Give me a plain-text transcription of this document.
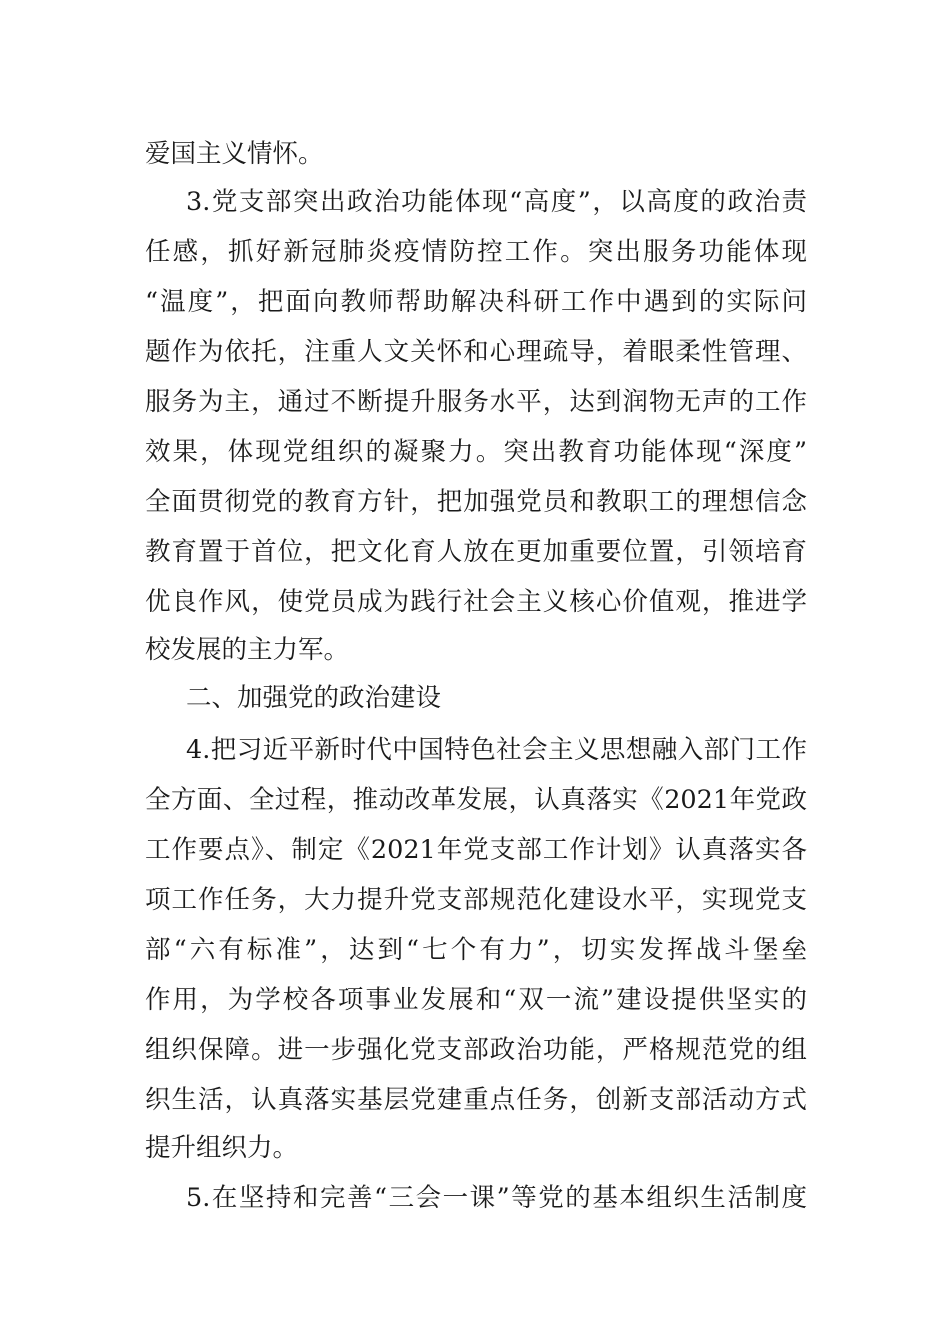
爱国主义情怀。
3.党支部突出政治功能体现“高度”，以高度的政治责
任感，抓好新冠肺炎疫情防控工作。突出服务功能体现
“温度”，把面向教师帮助解决科研工作中遇到的实际问
题作为依托，注重人文关怀和心理疏导，着眼柔性管理、
服务为主，通过不断提升服务水平，达到润物无声的工作
效果，体现党组织的凝聚力。突出教育功能体现“深度”
全面贯彻党的教育方针，把加强党员和教职工的理想信念
教育置于首位，把文化育人放在更加重要位置，引领培育
优良作风，使党员成为践行社会主义核心价值观，推进学
校发展的主力军。
二、加强党的政治建设
4.把习近平新时代中国特色社会主义思想融入部门工作
全方面、全过程，推动改革发展，认真落实《2021年党政
工作要点》、制定《2021年党支部工作计划》认真落实各
项工作任务，大力提升党支部规范化建设水平，实现党支
部“六有标准”，达到“七个有力”，切实发挥战斗堡垒
作用，为学校各项事业发展和“双一流”建设提供坚实的
组织保障。进一步强化党支部政治功能，严格规范党的组
织生活，认真落实基层党建重点任务，创新支部活动方式
提升组织力。
5.在坚持和完善“三会一课”等党的基本组织生活制度
